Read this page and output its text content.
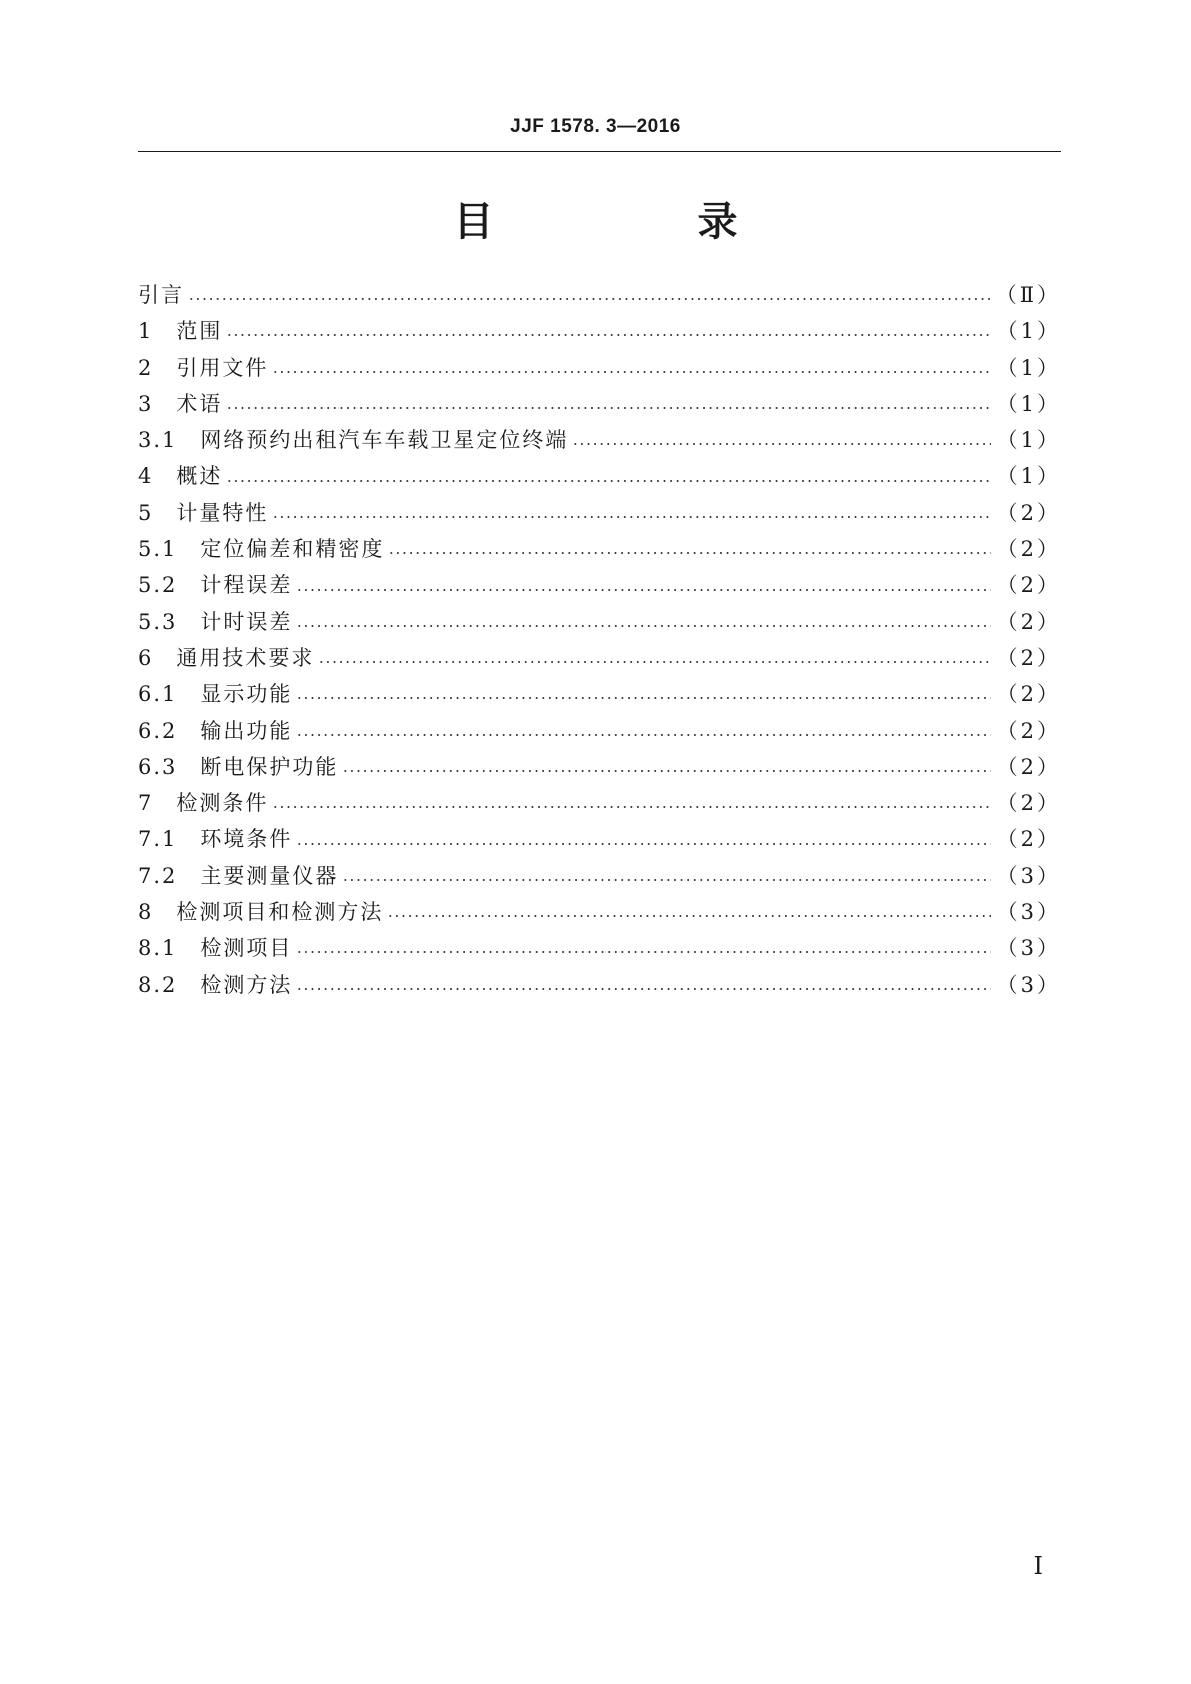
JJF 1578. 3—2016
目　录
引言	（Ⅱ）
1　 范围	（1）
2　 引用文件	（1）
3　 术语	（1）
3.1　 网络预约出租汽车车载卫星定位终端	（1）
4　 概述	（1）
5　 计量特性	（2）
5.1　 定位偏差和精密度	（2）
5.2　 计程误差	（2）
5.3　 计时误差	（2）
6　 通用技术要求	（2）
6.1　 显示功能	（2）
6.2　 输出功能	（2）
6.3　 断电保护功能	（2）
7　 检测条件	（2）
7.1　 环境条件	（2）
7.2　 主要测量仪器	（3）
8　 检测项目和检测方法	（3）
8.1　 检测项目	（3）
8.2　 检测方法	（3）
Ⅰ
